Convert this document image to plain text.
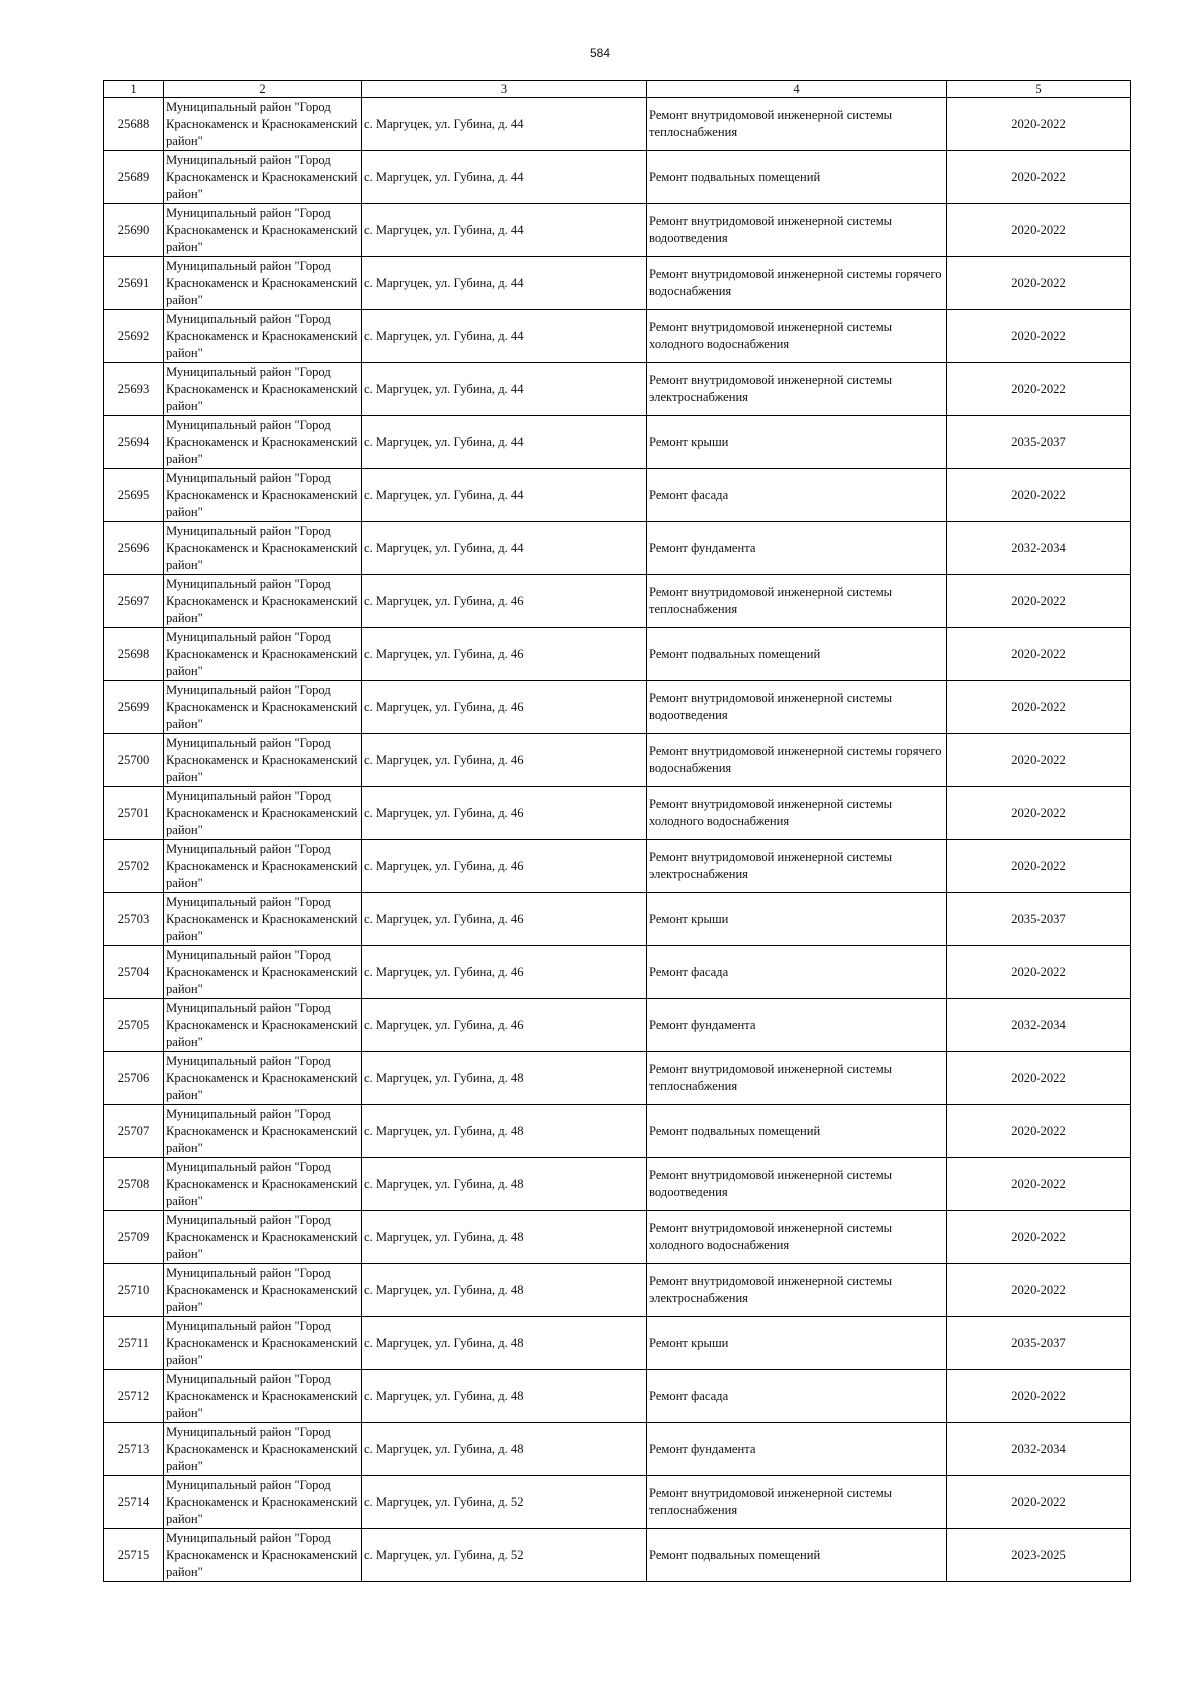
584
1	2	3	4	5
25688	Муниципальный район "Город Краснокаменск и Краснокаменский район"	с. Маргуцек, ул. Губина, д. 44	Ремонт внутридомовой инженерной системы теплоснабжения	2020-2022
25689	Муниципальный район "Город Краснокаменск и Краснокаменский район"	с. Маргуцек, ул. Губина, д. 44	Ремонт подвальных помещений	2020-2022
25690	Муниципальный район "Город Краснокаменск и Краснокаменский район"	с. Маргуцек, ул. Губина, д. 44	Ремонт внутридомовой инженерной системы водоотведения	2020-2022
25691	Муниципальный район "Город Краснокаменск и Краснокаменский район"	с. Маргуцек, ул. Губина, д. 44	Ремонт внутридомовой инженерной системы горячего водоснабжения	2020-2022
25692	Муниципальный район "Город Краснокаменск и Краснокаменский район"	с. Маргуцек, ул. Губина, д. 44	Ремонт внутридомовой инженерной системы холодного водоснабжения	2020-2022
25693	Муниципальный район "Город Краснокаменск и Краснокаменский район"	с. Маргуцек, ул. Губина, д. 44	Ремонт внутридомовой инженерной системы электроснабжения	2020-2022
25694	Муниципальный район "Город Краснокаменск и Краснокаменский район"	с. Маргуцек, ул. Губина, д. 44	Ремонт крыши	2035-2037
25695	Муниципальный район "Город Краснокаменск и Краснокаменский район"	с. Маргуцек, ул. Губина, д. 44	Ремонт фасада	2020-2022
25696	Муниципальный район "Город Краснокаменск и Краснокаменский район"	с. Маргуцек, ул. Губина, д. 44	Ремонт фундамента	2032-2034
25697	Муниципальный район "Город Краснокаменск и Краснокаменский район"	с. Маргуцек, ул. Губина, д. 46	Ремонт внутридомовой инженерной системы теплоснабжения	2020-2022
25698	Муниципальный район "Город Краснокаменск и Краснокаменский район"	с. Маргуцек, ул. Губина, д. 46	Ремонт подвальных помещений	2020-2022
25699	Муниципальный район "Город Краснокаменск и Краснокаменский район"	с. Маргуцек, ул. Губина, д. 46	Ремонт внутридомовой инженерной системы водоотведения	2020-2022
25700	Муниципальный район "Город Краснокаменск и Краснокаменский район"	с. Маргуцек, ул. Губина, д. 46	Ремонт внутридомовой инженерной системы горячего водоснабжения	2020-2022
25701	Муниципальный район "Город Краснокаменск и Краснокаменский район"	с. Маргуцек, ул. Губина, д. 46	Ремонт внутридомовой инженерной системы холодного водоснабжения	2020-2022
25702	Муниципальный район "Город Краснокаменск и Краснокаменский район"	с. Маргуцек, ул. Губина, д. 46	Ремонт внутридомовой инженерной системы электроснабжения	2020-2022
25703	Муниципальный район "Город Краснокаменск и Краснокаменский район"	с. Маргуцек, ул. Губина, д. 46	Ремонт крыши	2035-2037
25704	Муниципальный район "Город Краснокаменск и Краснокаменский район"	с. Маргуцек, ул. Губина, д. 46	Ремонт фасада	2020-2022
25705	Муниципальный район "Город Краснокаменск и Краснокаменский район"	с. Маргуцек, ул. Губина, д. 46	Ремонт фундамента	2032-2034
25706	Муниципальный район "Город Краснокаменск и Краснокаменский район"	с. Маргуцек, ул. Губина, д. 48	Ремонт внутридомовой инженерной системы теплоснабжения	2020-2022
25707	Муниципальный район "Город Краснокаменск и Краснокаменский район"	с. Маргуцек, ул. Губина, д. 48	Ремонт подвальных помещений	2020-2022
25708	Муниципальный район "Город Краснокаменск и Краснокаменский район"	с. Маргуцек, ул. Губина, д. 48	Ремонт внутридомовой инженерной системы водоотведения	2020-2022
25709	Муниципальный район "Город Краснокаменск и Краснокаменский район"	с. Маргуцек, ул. Губина, д. 48	Ремонт внутридомовой инженерной системы холодного водоснабжения	2020-2022
25710	Муниципальный район "Город Краснокаменск и Краснокаменский район"	с. Маргуцек, ул. Губина, д. 48	Ремонт внутридомовой инженерной системы электроснабжения	2020-2022
25711	Муниципальный район "Город Краснокаменск и Краснокаменский район"	с. Маргуцек, ул. Губина, д. 48	Ремонт крыши	2035-2037
25712	Муниципальный район "Город Краснокаменск и Краснокаменский район"	с. Маргуцек, ул. Губина, д. 48	Ремонт фасада	2020-2022
25713	Муниципальный район "Город Краснокаменск и Краснокаменский район"	с. Маргуцек, ул. Губина, д. 48	Ремонт фундамента	2032-2034
25714	Муниципальный район "Город Краснокаменск и Краснокаменский район"	с. Маргуцек, ул. Губина, д. 52	Ремонт внутридомовой инженерной системы теплоснабжения	2020-2022
25715	Муниципальный район "Город Краснокаменск и Краснокаменский район"	с. Маргуцек, ул. Губина, д. 52	Ремонт подвальных помещений	2023-2025
